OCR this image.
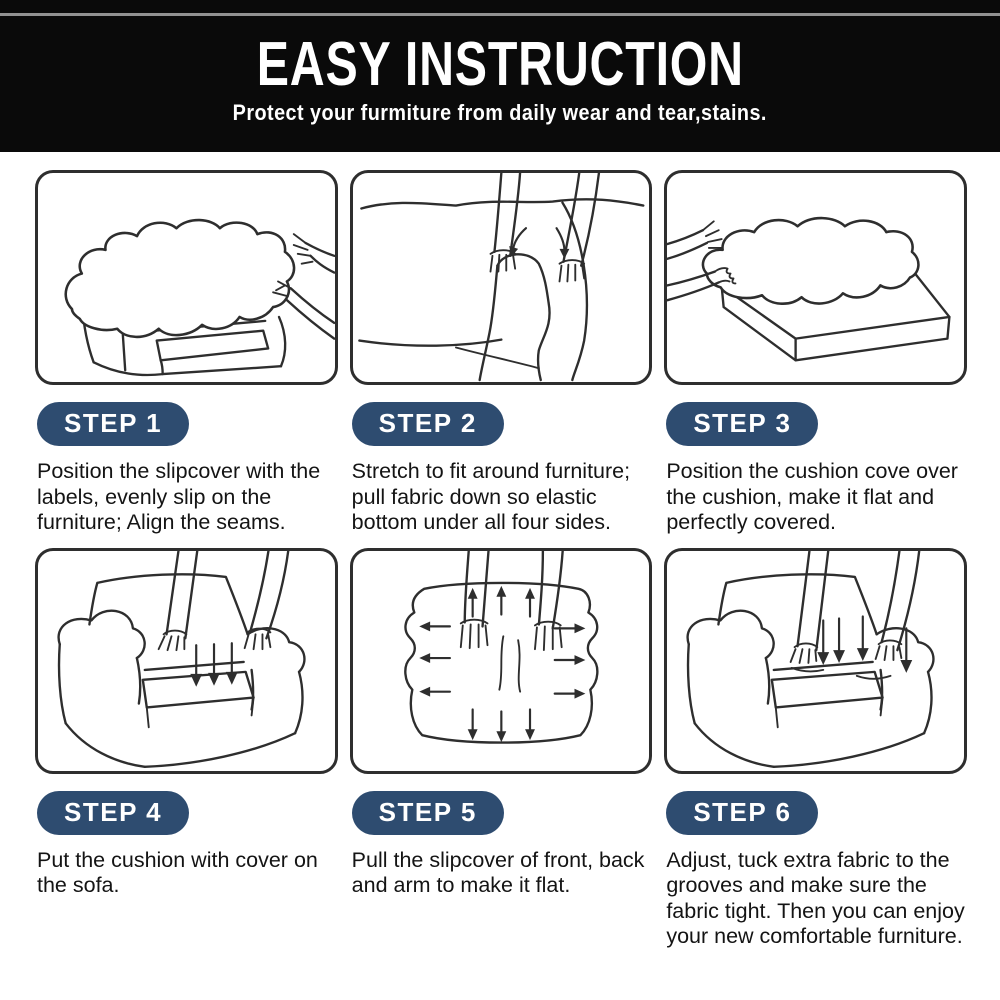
EASY INSTRUCTION

Protect your furmiture from daily wear and tear,stains.

STEP 1

Position the slipcover with the labels, evenly slip on the furniture; Align the seams.

STEP 2

Stretch to fit around furniture; pull fabric down so elastic bottom under all four sides.

STEP 3

Position the cushion cove over the cushion, make it flat and perfectly covered.

STEP 4

Put the cushion with cover on the sofa.

STEP 5

Pull the slipcover of front, back and arm to make it flat.

STEP 6

Adjust, tuck extra fabric to the grooves and make sure the fabric tight. Then you can enjoy your new comfortable furniture.
